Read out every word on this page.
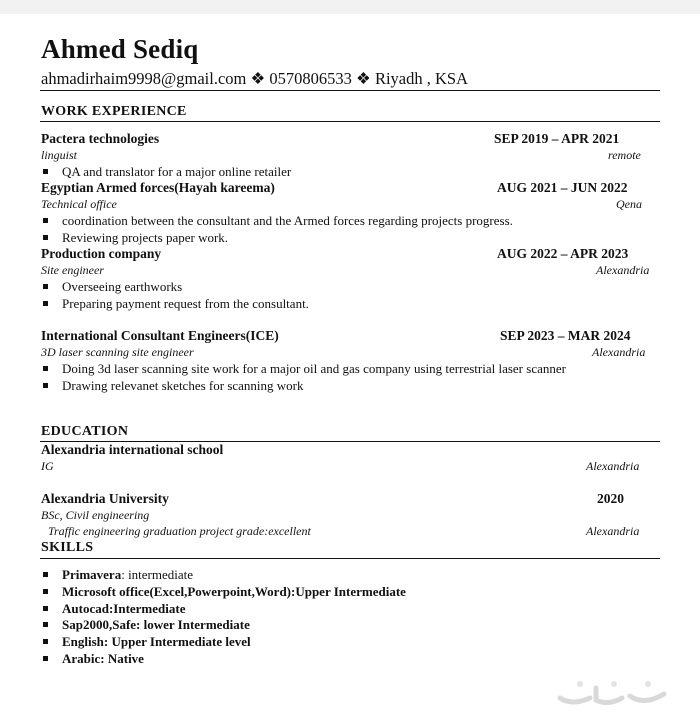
Ahmed Sediq
ahmadirhaim9998@gmail.com ❖ 0570806533 ❖ Riyadh , KSA
WORK EXPERIENCE
Pactera technologies	SEP 2019 – APR 2021
linguist	remote
QA and translator for a major online retailer
Egyptian Armed forces(Hayah kareema)	AUG 2021 – JUN 2022
Technical office	Qena
coordination between the consultant and the Armed forces regarding projects progress.
Reviewing projects paper work.
Production company	AUG 2022 – APR 2023
Site engineer	Alexandria
Overseeing earthworks
Preparing payment request from the consultant.
International Consultant Engineers(ICE)	SEP 2023 – MAR 2024
3D laser scanning site engineer	Alexandria
Doing 3d laser scanning site work for a major oil and gas company using terrestrial laser scanner
Drawing relevanet sketches for scanning work
EDUCATION
Alexandria international school
IG	Alexandria
Alexandria University	2020
BSc, Civil engineering
Traffic engineering graduation project grade:excellent	Alexandria
SKILLS
Primavera: intermediate
Microsoft office(Excel,Powerpoint,Word):Upper Intermediate
Autocad:Intermediate
Sap2000,Safe: lower Intermediate
English: Upper Intermediate level
Arabic: Native
